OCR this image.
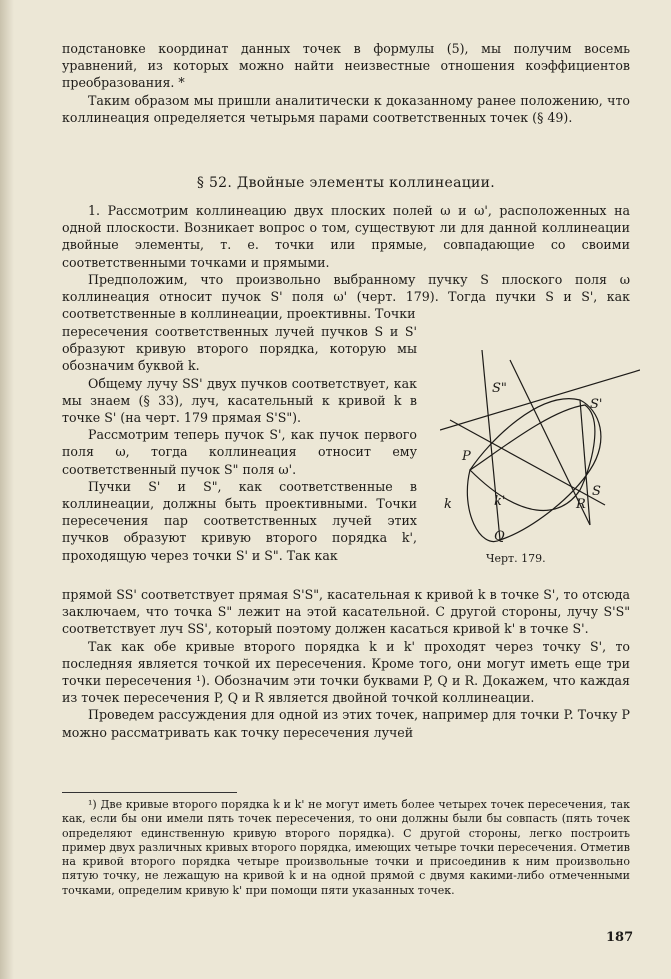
подстановке координат данных точек в формулы (5), мы получим восемь уравнений, из которых можно найти неизвестные отношения коэффициентов преобразования. *

Таким образом мы пришли аналитически к доказанному ранее положению, что коллинеация определяется четырьмя парами соответственных точек (§ 49).

§ 52. Двойные элементы коллинеации.

1. Рассмотрим коллинеацию двух плоских полей ω и ω', расположенных на одной плоскости. Возникает вопрос о том, существуют ли для данной коллинеации двойные элементы, т. е. точки или прямые, совпадающие со своими соответственными точками и прямыми.

Предположим, что произвольно выбранному пучку S плоского поля ω коллинеация относит пучок S' поля ω' (черт. 179). Тогда пучки S и S', как соответственные в коллинеации, проективны. Точки

пересечения соответственных лучей пучков S и S' образуют кривую второго порядка, которую мы обозначим буквой k.

Общему лучу SS' двух пучков соответствует, как мы знаем (§ 33), луч, касательный к кривой k в точке S' (на черт. 179 прямая S'S").

Рассмотрим теперь пучок S', как пучок первого поля ω, тогда коллинеация относит ему соответственный пучок S" поля ω'.

Пучки S' и S", как соответственные в коллинеации, должны быть проективными. Точки пересечения пар соответственных лучей этих пучков образуют кривую второго порядка k', проходящую через точки S' и S". Так как

S"
S'
P
S
R
k	k'
Q
Черт. 179.

прямой SS' соответствует прямая S'S", касательная к кривой k в точке S', то отсюда заключаем, что точка S" лежит на этой касательной. С другой стороны, лучу S'S" соответствует луч SS', который поэтому должен касаться кривой k' в точке S'.

Так как обе кривые второго порядка k и k' проходят через точку S', то последняя является точкой их пересечения. Кроме того, они могут иметь еще три точки пересечения ¹). Обозначим эти точки буквами P, Q и R. Докажем, что каждая из точек пересечения P, Q и R является двойной точкой коллинеации.

Проведем рассуждения для одной из этих точек, например для точки P. Точку P можно рассматривать как точку пересечения лучей

¹) Две кривые второго порядка k и k' не могут иметь более четырех точек пересечения, так как, если бы они имели пять точек пересечения, то они должны были бы совпасть (пять точек определяют единственную кривую второго порядка). С другой стороны, легко построить пример двух различных кривых второго порядка, имеющих четыре точки пересечения. Отметив на кривой второго порядка четыре произвольные точки и присоединив к ним произвольно пятую точку, не лежащую на кривой k и на одной прямой с двумя какими-либо отмеченными точками, определим кривую k' при помощи пяти указанных точек.

187
